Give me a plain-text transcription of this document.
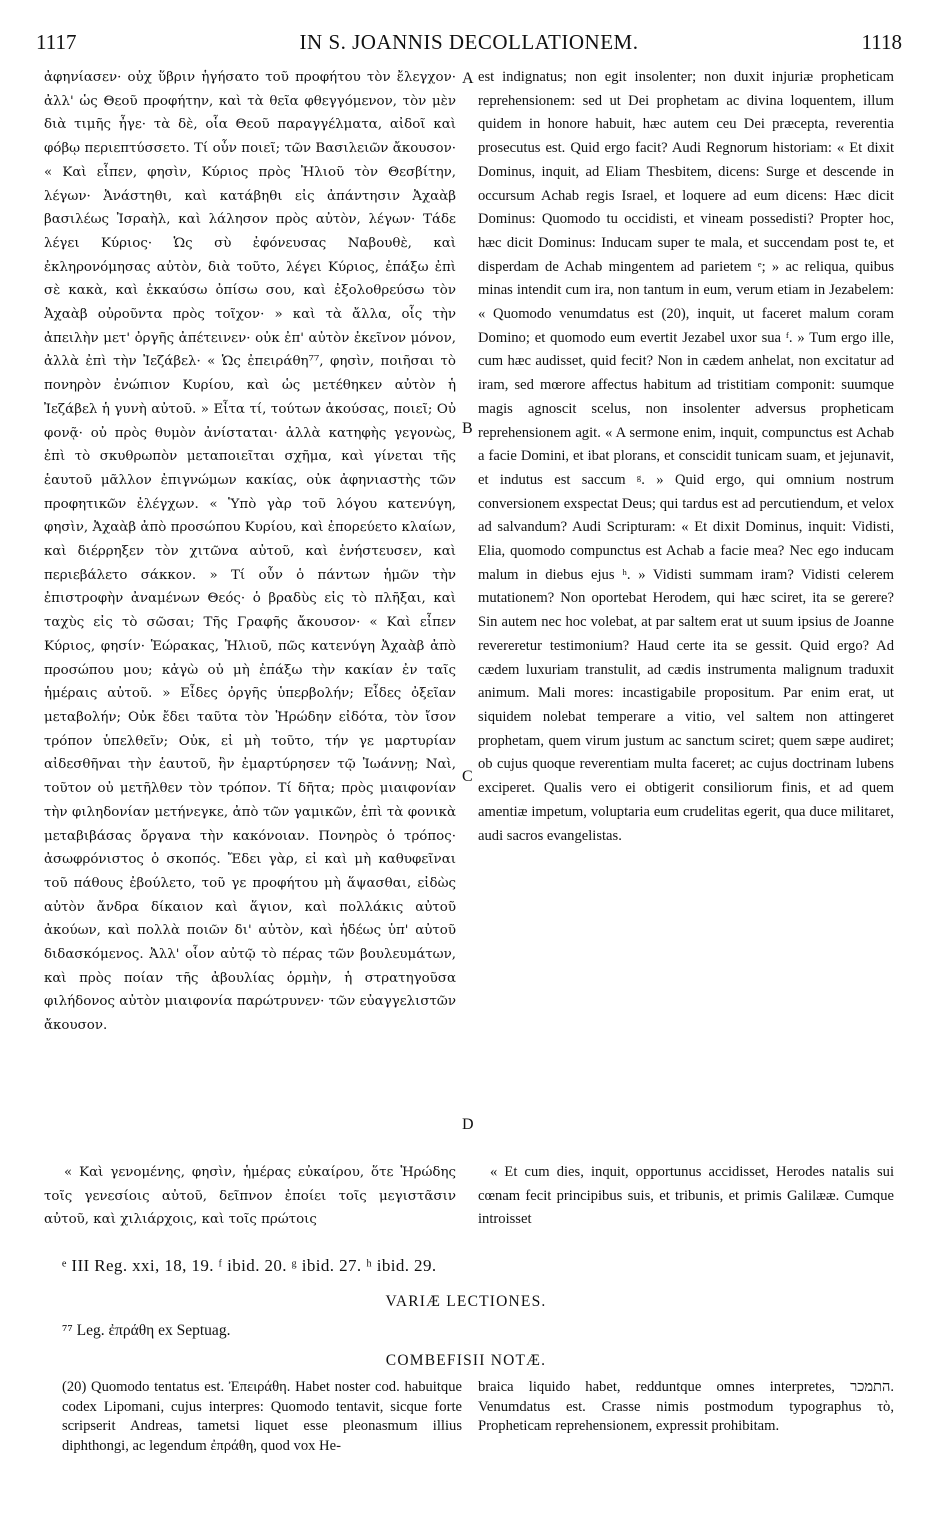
1117	IN S. JOANNIS DECOLLATIONEM.	1118

ἀφηνίασεν· οὐχ ὕβριν ἡγήσατο τοῦ προφήτου τὸν ἔλεγχον· ἀλλ' ὡς Θεοῦ προφήτην, καὶ τὰ θεῖα φθεγγόμενον, τὸν μὲν διὰ τιμῆς ἦγε· τὰ δὲ, οἷα Θεοῦ παραγγέλματα, αἰδοῖ καὶ φόβῳ περιεπτύσσετο. Τί οὖν ποιεῖ; τῶν Βασιλειῶν ἄκουσον· « Καὶ εἶπεν, φησὶν, Κύριος πρὸς Ἠλιοῦ τὸν Θεσβίτην, λέγων· Ἀνάστηθι, καὶ κατάβηθι εἰς ἀπάντησιν Ἀχαὰβ βασιλέως Ἰσραὴλ, καὶ λάλησον πρὸς αὐτὸν, λέγων· Τάδε λέγει Κύριος· Ὡς σὺ ἐφόνευσας Ναβουθὲ, καὶ ἐκληρονόμησας αὐτὸν, διὰ τοῦτο, λέγει Κύριος, ἐπάξω ἐπὶ σὲ κακὰ, καὶ ἐκκαύσω ὀπίσω σου, καὶ ἐξολοθρεύσω τὸν Ἀχαὰβ οὐροῦντα πρὸς τοῖχον· » καὶ τὰ ἄλλα, οἷς τὴν ἀπειλὴν μετ' ὀργῆς ἀπέτεινεν· οὐκ ἐπ' αὐτὸν ἐκεῖνον μόνον, ἀλλὰ ἐπὶ τὴν Ἰεζάβελ· « Ὡς ἐπειράθη⁷⁷, φησὶν, ποιῆσαι τὸ πονηρὸν ἐνώπιον Κυρίου, καὶ ὡς μετέθηκεν αὐτὸν ἡ Ἰεζάβελ ἡ γυνὴ αὐτοῦ. » Εἶτα τί, τούτων ἀκούσας, ποιεῖ; Οὐ φονᾷ· οὐ πρὸς θυμὸν ἀνίσταται· ἀλλὰ κατηφὴς γεγονὼς, ἐπὶ τὸ σκυθρωπὸν μεταποιεῖται σχῆμα, καὶ γίνεται τῆς ἑαυτοῦ μᾶλλον ἐπιγνώμων κακίας, οὐκ ἀφηνιαστὴς τῶν προφητικῶν ἐλέγχων. « Ὑπὸ γὰρ τοῦ λόγου κατενύγη, φησὶν, Ἀχαὰβ ἀπὸ προσώπου Κυρίου, καὶ ἐπορεύετο κλαίων, καὶ διέρρηξεν τὸν χιτῶνα αὐτοῦ, καὶ ἐνήστευσεν, καὶ περιεβάλετο σάκκον. » Τί οὖν ὁ πάντων ἡμῶν τὴν ἐπιστροφὴν ἀναμένων Θεός· ὁ βραδὺς εἰς τὸ πλῆξαι, καὶ ταχὺς εἰς τὸ σῶσαι; Τῆς Γραφῆς ἄκουσον· « Καὶ εἶπεν Κύριος, φησίν· Ἑώρακας, Ἠλιοῦ, πῶς κατενύγη Ἀχαὰβ ἀπὸ προσώπου μου; κἀγὼ οὐ μὴ ἐπάξω τὴν κακίαν ἐν ταῖς ἡμέραις αὐτοῦ. » Εἶδες ὀργῆς ὑπερβολήν; Εἶδες ὀξεῖαν μεταβολήν; Οὐκ ἔδει ταῦτα τὸν Ἡρώδην εἰδότα, τὸν ἴσον τρόπον ὑπελθεῖν; Οὐκ, εἰ μὴ τοῦτο, τήν γε μαρτυρίαν αἰδεσθῆναι τὴν ἑαυτοῦ, ἣν ἐμαρτύρησεν τῷ Ἰωάννῃ; Ναὶ, τοῦτον οὐ μετῆλθεν τὸν τρόπον. Τί δῆτα; πρὸς μιαιφονίαν τὴν φιληδονίαν μετήνεγκε, ἀπὸ τῶν γαμικῶν, ἐπὶ τὰ φονικὰ μεταβιβάσας ὄργανα τὴν κακόνοιαν. Πονηρὸς ὁ τρόπος· ἀσωφρόνιστος ὁ σκοπός. Ἔδει γὰρ, εἰ καὶ μὴ καθυφεῖναι τοῦ πάθους ἐβούλετο, τοῦ γε προφήτου μὴ ἅψασθαι, εἰδὼς αὐτὸν ἄνδρα δίκαιον καὶ ἅγιον, καὶ πολλάκις αὐτοῦ ἀκούων, καὶ πολλὰ ποιῶν δι' αὐτὸν, καὶ ἡδέως ὑπ' αὐτοῦ διδασκόμενος. Ἀλλ' οἷον αὐτῷ τὸ πέρας τῶν βουλευμάτων, καὶ πρὸς ποίαν τῆς ἀβουλίας ὁρμὴν, ἡ στρατηγοῦσα φιλήδονος αὐτὸν μιαιφονία παρώτρυνεν· τῶν εὐαγγελιστῶν ἄκουσον.

est indignatus; non egit insolenter; non duxit injuriæ propheticam reprehensionem: sed ut Dei prophetam ac divina loquentem, illum quidem in honore habuit, hæc autem ceu Dei præcepta, reverentia prosecutus est. Quid ergo facit? Audi Regnorum historiam: « Et dixit Dominus, inquit, ad Eliam Thesbitem, dicens: Surge et descende in occursum Achab regis Israel, et loquere ad eum dicens: Hæc dicit Dominus: Quomodo tu occidisti, et vineam possedisti? Propter hoc, hæc dicit Dominus: Inducam super te mala, et succendam post te, et disperdam de Achab mingentem ad parietem ᵉ; » ac reliqua, quibus minas intendit cum ira, non tantum in eum, verum etiam in Jezabelem: « Quomodo venumdatus est (20), inquit, ut faceret malum coram Domino; et quomodo eum evertit Jezabel uxor sua ᶠ. » Tum ergo ille, cum hæc audisset, quid fecit? Non in cædem anhelat, non excitatur ad iram, sed mœrore affectus habitum ad tristitiam componit: suumque magis agnoscit scelus, non insolenter adversus propheticam reprehensionem agit. « A sermone enim, inquit, compunctus est Achab a facie Domini, et ibat plorans, et conscidit tunicam suam, et jejunavit, et indutus est saccum ᵍ. » Quid ergo, qui omnium nostrum conversionem exspectat Deus; qui tardus est ad percutiendum, et velox ad salvandum? Audi Scripturam: « Et dixit Dominus, inquit: Vidisti, Elia, quomodo compunctus est Achab a facie mea? Nec ego inducam malum in diebus ejus ʰ. » Vidisti summam iram? Vidisti celerem mutationem? Non oportebat Herodem, qui hæc sciret, ita se gerere? Sin autem nec hoc volebat, at par saltem erat ut suum ipsius de Joanne revereretur testimonium? Haud certe ita se gessit. Quid ergo? Ad cædem luxuriam transtulit, ad cædis instrumenta malignum traduxit animum. Mali mores: incastigabile propositum. Par enim erat, ut siquidem nolebat temperare a vitio, vel saltem non attingeret prophetam, quem virum justum ac sanctum sciret; quem sæpe audiret; ob cujus quoque reverentiam multa faceret; ac cujus doctrinam lubens exciperet. Qualis vero ei obtigerit consiliorum finis, et ad quem amentiæ impetum, voluptaria eum crudelitas egerit, qua duce militaret, audi sacros evangelistas.

A
B
C
D

« Καὶ γενομένης, φησὶν, ἡμέρας εὐκαίρου, ὅτε Ἡρώδης τοῖς γενεσίοις αὐτοῦ, δεῖπνον ἐποίει τοῖς μεγιστᾶσιν αὐτοῦ, καὶ χιλιάρχοις, καὶ τοῖς πρώτοις

« Et cum dies, inquit, opportunus accidisset, Herodes natalis sui cœnam fecit principibus suis, et tribunis, et primis Galilææ. Cumque introisset

ᵉ III Reg. xxi, 18, 19. ᶠ ibid. 20. ᵍ ibid. 27. ʰ ibid. 29.
VARIÆ LECTIONES.
⁷⁷ Leg. ἐπράθη ex Septuag.
COMBEFISII NOTÆ.

(20) Quomodo tentatus est. Ἐπειράθη. Habet noster cod. habuitque codex Lipomani, cujus interpres: Quomodo tentavit, sicque forte scripserit Andreas, tametsi liquet esse pleonasmum illius diphthongi, ac legendum ἐπράθη, quod vox He-

braica liquido habet, redduntque omnes interpretes, התמכר. Venumdatus est. Crasse nimis postmodum typographus τὸ, Propheticam reprehensionem, expressit prohibitam.
